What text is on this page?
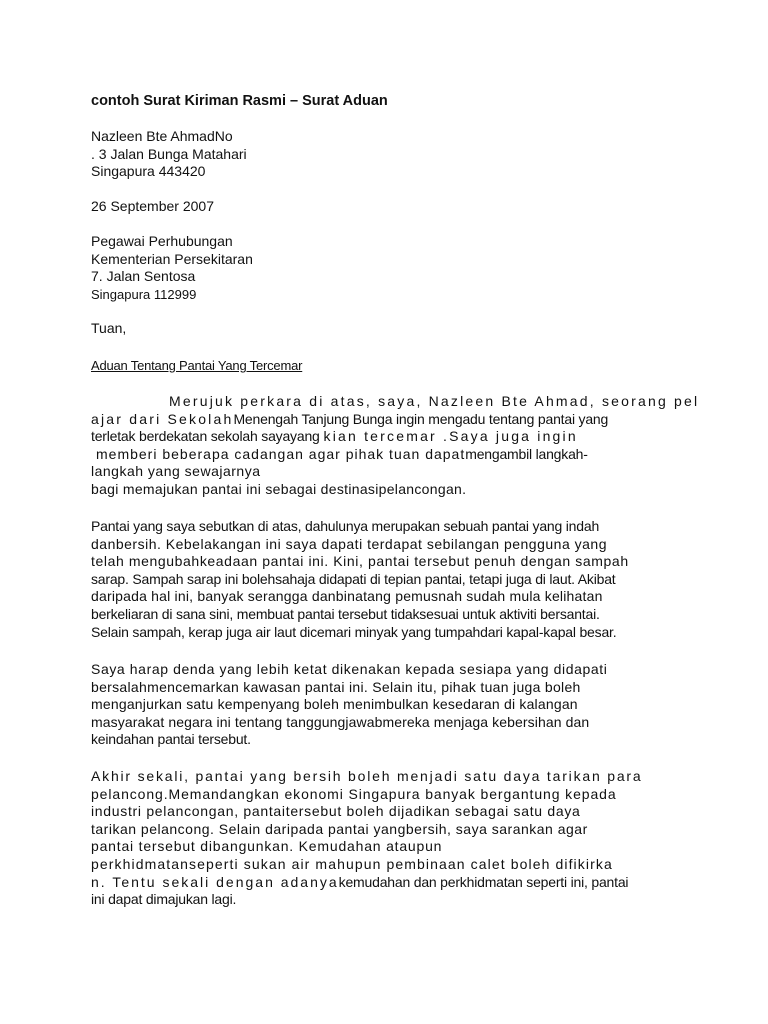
contoh Surat Kiriman Rasmi – Surat Aduan
Nazleen Bte AhmadNo
. 3 Jalan Bunga Matahari
Singapura 443420
26 September 2007
Pegawai Perhubungan
Kementerian Persekitaran
7. Jalan Sentosa
Singapura 112999
Tuan,
Aduan Tentang Pantai Yang Tercemar
Merujuk perkara di atas, saya, Nazleen Bte Ahmad, seorang pel
ajar dari SekolahMenengah Tanjung Bunga ingin mengadu tentang pantai yang
terletak berdekatan sekolah sayayang kian tercemar .Saya juga ingin
memberi beberapa cadangan agar pihak tuan dapatmengambil langkah-
langkah yang sewajarnya
bagi memajukan pantai ini sebagai destinasipelancongan.
Pantai yang saya sebutkan di atas, dahulunya merupakan sebuah pantai yang indah
danbersih. Kebelakangan ini saya dapati terdapat sebilangan pengguna yang
telah mengubahkeadaan pantai ini. Kini, pantai tersebut penuh dengan sampah
sarap. Sampah sarap ini bolehsahaja didapati di tepian pantai, tetapi juga di laut. Akibat
daripada hal ini, banyak serangga danbinatang pemusnah sudah mula kelihatan
berkeliaran di sana sini, membuat pantai tersebut tidaksesuai untuk aktiviti bersantai.
Selain sampah, kerap juga air laut dicemari minyak yang tumpahdari kapal-kapal besar.
Saya harap denda yang lebih ketat dikenakan kepada sesiapa yang didapati
bersalahmencemarkan kawasan pantai ini. Selain itu, pihak tuan juga boleh
menganjurkan satu kempenyang boleh menimbulkan kesedaran di kalangan
masyarakat negara ini tentang tanggungjawabmereka menjaga kebersihan dan
keindahan pantai tersebut.
Akhir sekali, pantai yang bersih boleh menjadi satu daya tarikan para
pelancong.Memandangkan ekonomi Singapura banyak bergantung kepada
industri pelancongan, pantaitersebut boleh dijadikan sebagai satu daya
tarikan pelancong. Selain daripada pantai yangbersih, saya sarankan agar
pantai tersebut dibangunkan. Kemudahan ataupun
perkhidmatanseperti sukan air mahupun pembinaan calet boleh difikirka
n. Tentu sekali dengan adanyakemudahan dan perkhidmatan seperti ini, pantai
ini dapat dimajukan lagi.
